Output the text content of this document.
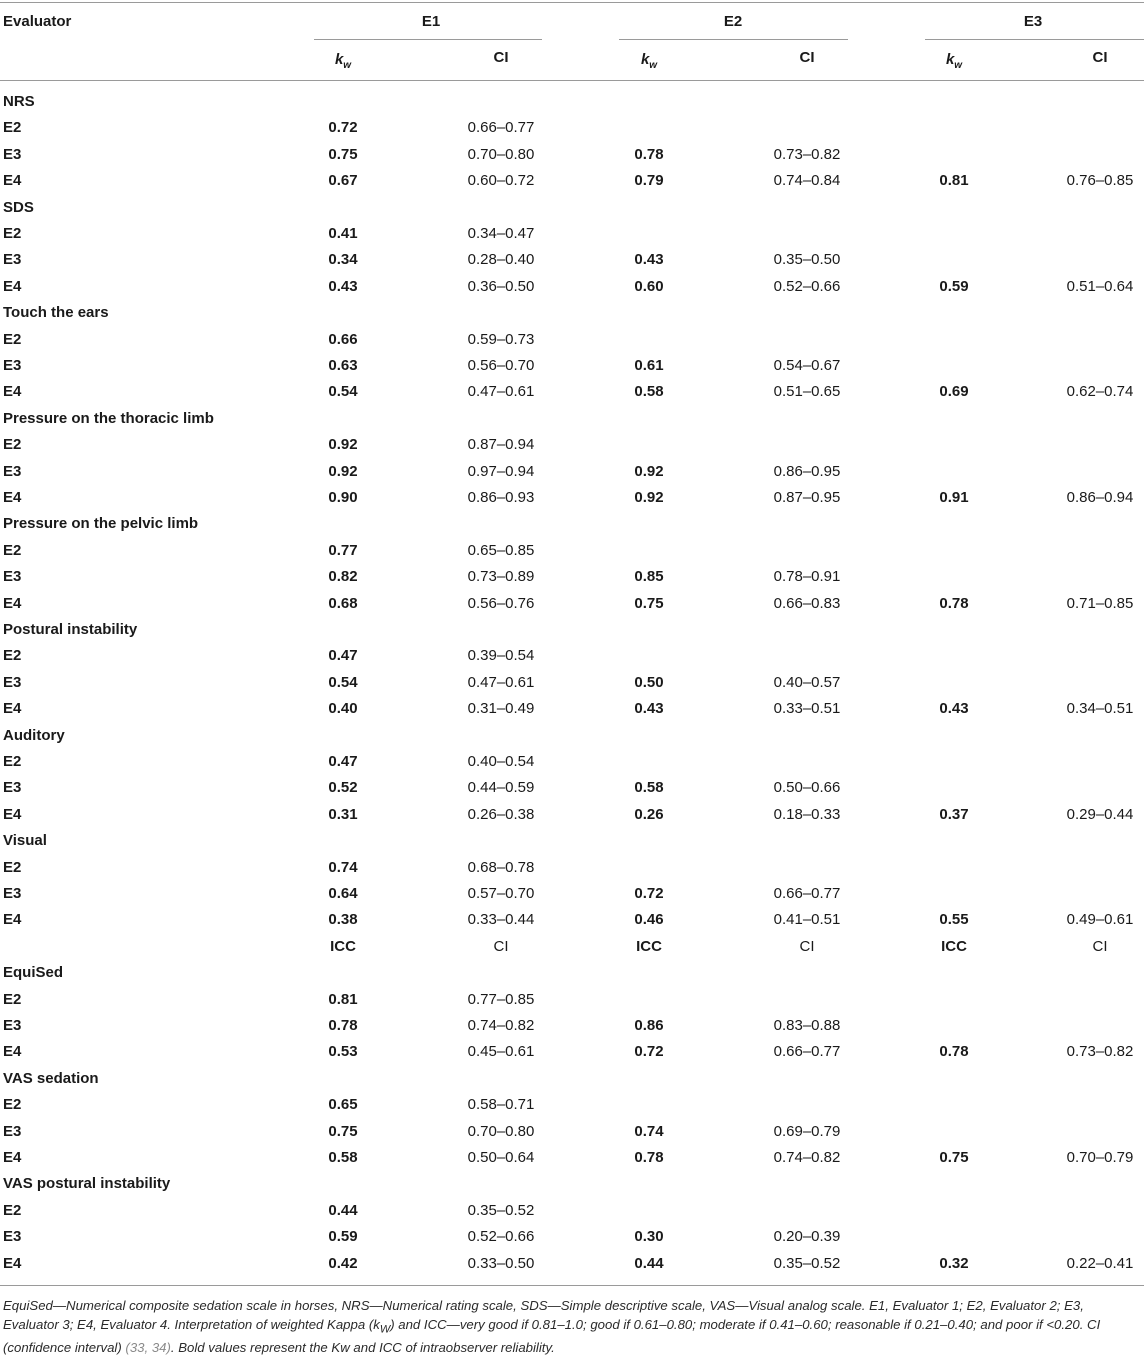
Evaluator	E1	E2	E3
$k_w$	CI	$k_w$	CI	$k_w$	CI
NRS
E2	0.72	0.66–0.77
E3	0.75	0.70–0.80	0.78	0.73–0.82
E4	0.67	0.60–0.72	0.79	0.74–0.84	0.81	0.76–0.85
SDS
E2	0.41	0.34–0.47
E3	0.34	0.28–0.40	0.43	0.35–0.50
E4	0.43	0.36–0.50	0.60	0.52–0.66	0.59	0.51–0.64
Touch the ears
E2	0.66	0.59–0.73
E3	0.63	0.56–0.70	0.61	0.54–0.67
E4	0.54	0.47–0.61	0.58	0.51–0.65	0.69	0.62–0.74
Pressure on the thoracic limb
E2	0.92	0.87–0.94
E3	0.92	0.97–0.94	0.92	0.86–0.95
E4	0.90	0.86–0.93	0.92	0.87–0.95	0.91	0.86–0.94
Pressure on the pelvic limb
E2	0.77	0.65–0.85
E3	0.82	0.73–0.89	0.85	0.78–0.91
E4	0.68	0.56–0.76	0.75	0.66–0.83	0.78	0.71–0.85
Postural instability
E2	0.47	0.39–0.54
E3	0.54	0.47–0.61	0.50	0.40–0.57
E4	0.40	0.31–0.49	0.43	0.33–0.51	0.43	0.34–0.51
Auditory
E2	0.47	0.40–0.54
E3	0.52	0.44–0.59	0.58	0.50–0.66
E4	0.31	0.26–0.38	0.26	0.18–0.33	0.37	0.29–0.44
Visual
E2	0.74	0.68–0.78
E3	0.64	0.57–0.70	0.72	0.66–0.77
E4	0.38	0.33–0.44	0.46	0.41–0.51	0.55	0.49–0.61
ICC	CI	ICC	CI	ICC	CI
EquiSed
E2	0.81	0.77–0.85
E3	0.78	0.74–0.82	0.86	0.83–0.88
E4	0.53	0.45–0.61	0.72	0.66–0.77	0.78	0.73–0.82
VAS sedation
E2	0.65	0.58–0.71
E3	0.75	0.70–0.80	0.74	0.69–0.79
E4	0.58	0.50–0.64	0.78	0.74–0.82	0.75	0.70–0.79
VAS postural instability
E2	0.44	0.35–0.52
E3	0.59	0.52–0.66	0.30	0.20–0.39
E4	0.42	0.33–0.50	0.44	0.35–0.52	0.32	0.22–0.41
EquiSed—Numerical composite sedation scale in horses, NRS—Numerical rating scale, SDS—Simple descriptive scale, VAS—Visual analog scale. E1, Evaluator 1; E2, Evaluator 2; E3, Evaluator 3; E4, Evaluator 4. Interpretation of weighted Kappa $(k_W)$ and ICC—very good if 0.81–1.0; good if 0.61–0.80; moderate if 0.41–0.60; reasonable if 0.21–0.40; and poor if <0.20. CI (confidence interval) (33, 34). Bold values represent the Kw and ICC of intraobserver reliability.
